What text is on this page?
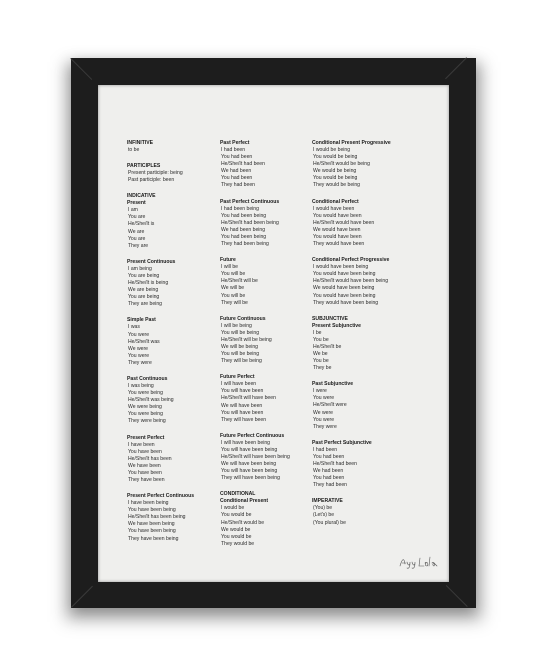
INFINITIVE
to be
PARTICIPLES
Present participle: being
Past participle: been
INDICATIVE
Present
I am
You are
He/She/It is
We are
You are
They are
Present Continuous
I am being
You are being
He/She/It is being
We are being
You are being
They are being
Simple Past
I was
You were
He/She/It was
We were
You were
They were
Past Continuous
I was being
You were being
He/She/It was being
We were being
You were being
They were being
Present Perfect
I have been
You have been
He/She/It has been
We have been
You have been
They have been
Present Perfect Continuous
I have been being
You have been being
He/She/It has been being
We have been being
You have been being
They have been being
Past Perfect
I had been
You had been
He/She/It had been
We had been
You had been
They had been
Past Perfect Continuous
I had been being
You had been being
He/She/It had been being
We had been being
You had been being
They had been being
Future
I will be
You will be
He/She/It will be
We will be
You will be
They will be
Future Continuous
I will be being
You will be being
He/She/It will be being
We will be being
You will be being
They will be being
Future Perfect
I will have been
You will have been
He/She/It will have been
We will have been
You will have been
They will have been
Future Perfect Continuous
I will have been being
You will have been being
He/She/It will have been being
We will have been being
You will have been being
They will have been being
CONDITIONAL
Conditional Present
I would be
You would be
He/She/It would be
We would be
You would be
They would be
Conditional Present Progressive
I would be being
You would be being
He/She/It would be being
We would be being
You would be being
They would be being
Conditional Perfect
I would have been
You would have been
He/She/It would have been
We would have been
You would have been
They would have been
Conditional Perfect Progressive
I would have been being
You would have been being
He/She/It would have been being
We would have been being
You would have been being
They would have been being
SUBJUNCTIVE
Present Subjunctive
I be
You be
He/She/It be
We be
You be
They be
Past Subjunctive
I were
You were
He/She/It were
We were
You were
They were
Past Perfect Subjunctive
I had been
You had been
He/She/It had been
We had been
You had been
They had been
IMPERATIVE
(You) be
(Let's) be
(You plural) be
